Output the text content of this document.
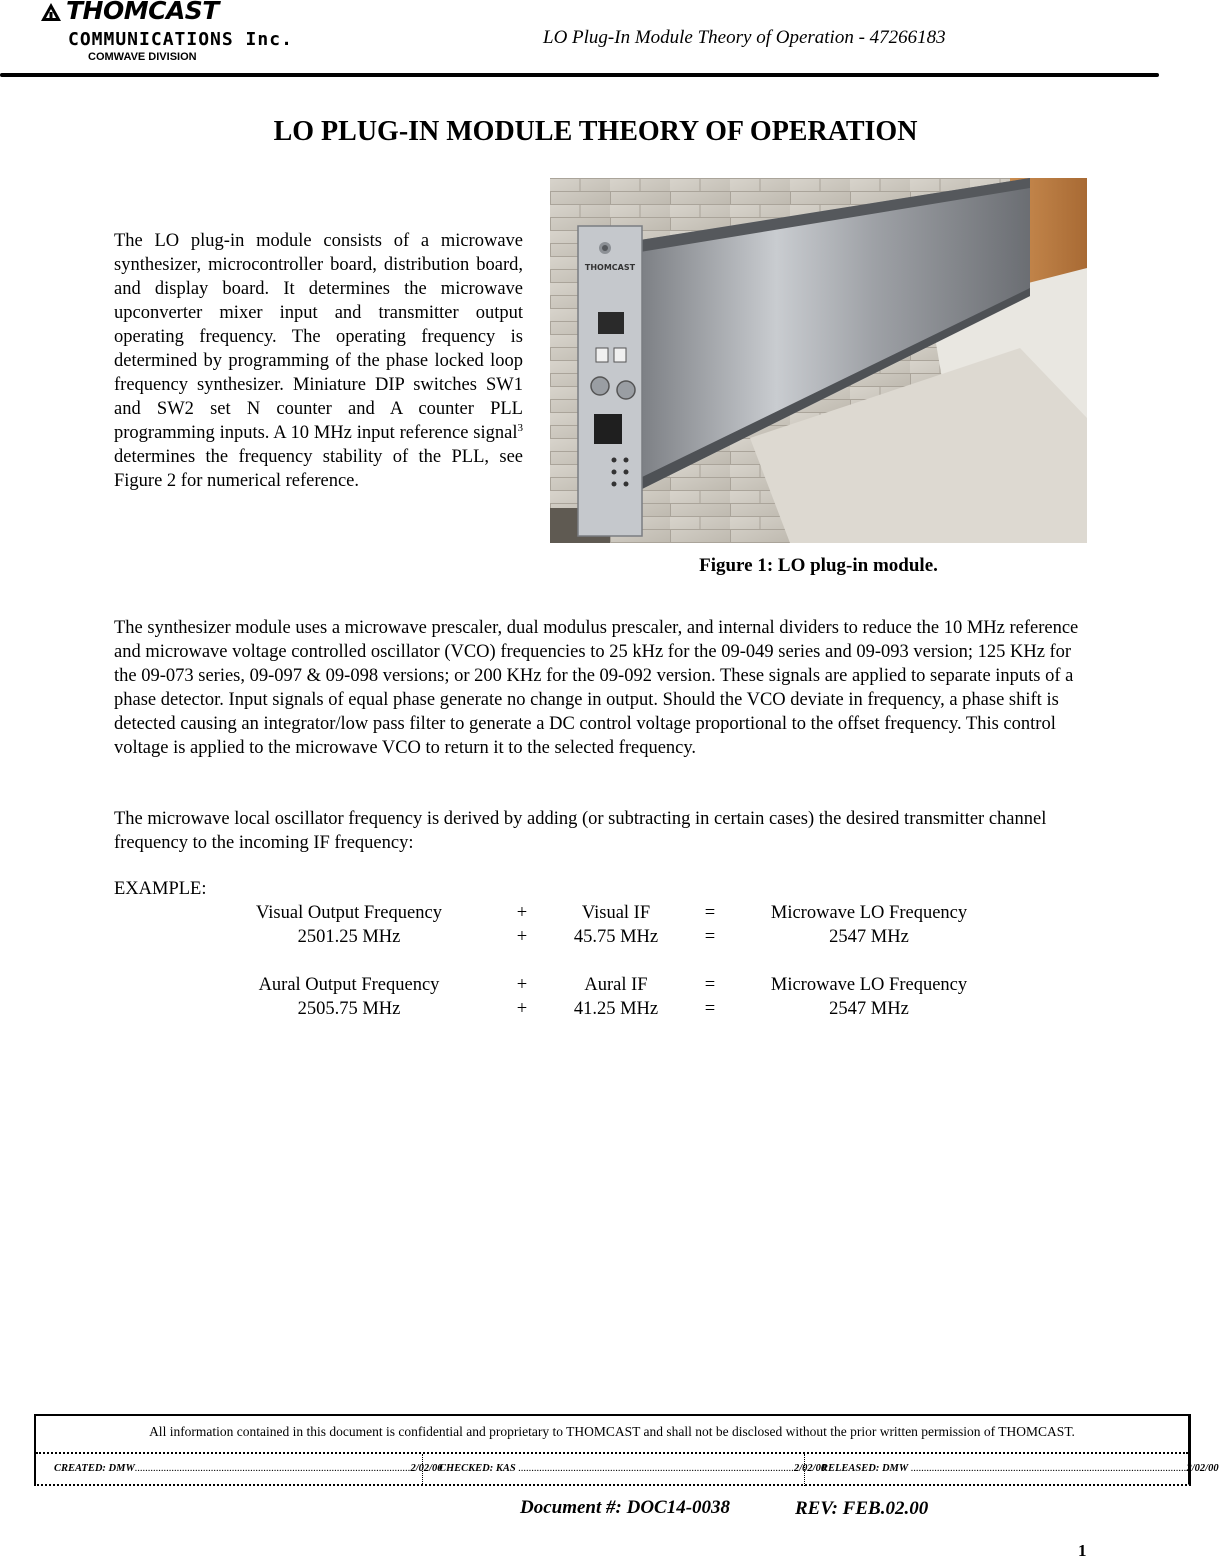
THOMCAST
COMMUNICATIONS Inc.
COMWAVE DIVISION
LO Plug-In Module Theory of Operation - 47266183
LO PLUG-IN MODULE THEORY OF OPERATION
The LO plug-in module consists of a microwave synthesizer, microcontroller board, distribution board, and display board. It determines the microwave upconverter mixer input and transmitter output operating frequency. The operating frequency is determined by programming of the phase locked loop frequency synthesizer. Miniature DIP switches SW1 and SW2 set N counter and A counter PLL programming inputs. A 10 MHz input reference signal$^3$ determines the frequency stability of the PLL, see Figure 2 for numerical reference.
THOMCAST
Figure 1: LO plug-in module.
The synthesizer module uses a microwave prescaler, dual modulus prescaler, and internal dividers to reduce the 10 MHz reference and microwave voltage controlled oscillator (VCO) frequencies to 25 kHz for the 09-049 series and 09-093 version; 125 KHz for the 09-073 series, 09-097 & 09-098 versions; or 200 KHz for the 09-092 version. These signals are applied to separate inputs of a phase detector. Input signals of equal phase generate no change in output. Should the VCO deviate in frequency, a phase shift is detected causing an integrator/low pass filter to generate a DC control voltage proportional to the offset frequency. This control voltage is applied to the microwave VCO to return it to the selected frequency.
The microwave local oscillator frequency is derived by adding (or subtracting in certain cases) the desired transmitter channel frequency to the incoming IF frequency:
EXAMPLE:
Visual Output Frequency	+	Visual IF	=	Microwave LO Frequency
2501.25 MHz	+	45.75 MHz	=	2547 MHz
Aural Output Frequency	+	Aural IF	=	Microwave LO Frequency
2505.75 MHz	+	41.25 MHz	=	2547 MHz
All information contained in this document is confidential and proprietary to THOMCAST and shall not be disclosed without the prior written permission of THOMCAST.
CREATED: DMW ......................................................................................................... 2/02/00
CHECKED: KAS ......................................................................................................... 2/02/00
RELEASED: DMW ......................................................................................................... 2/02/00
Document #: DOC14-0038	REV: FEB.02.00
1
